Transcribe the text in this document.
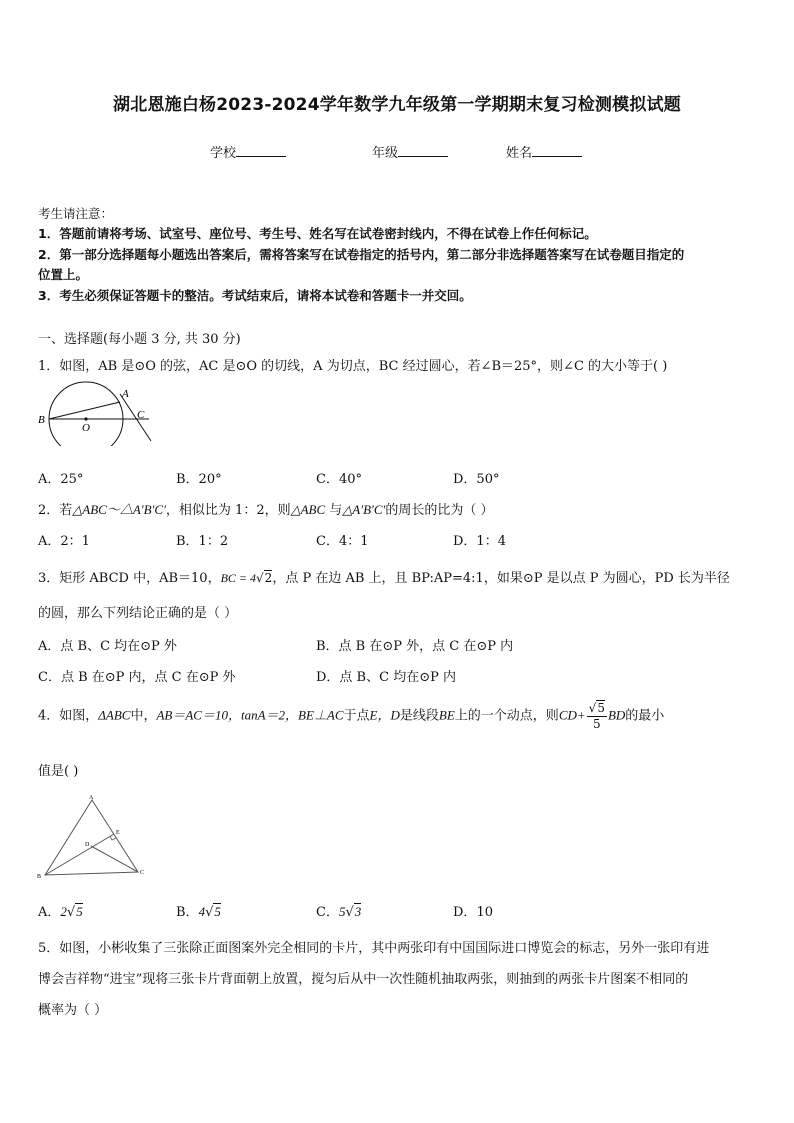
湖北恩施白杨2023-2024学年数学九年级第一学期期末复习检测模拟试题
学校	年级	姓名
考生请注意：
1．答题前请将考场、试室号、座位号、考生号、姓名写在试卷密封线内，不得在试卷上作任何标记。
2．第一部分选择题每小题选出答案后，需将答案写在试卷指定的括号内，第二部分非选择题答案写在试卷题目指定的
位置上。
3．考生必须保证答题卡的整洁。考试结束后，请将本试卷和答题卡一并交回。
一、选择题(每小题 3 分, 共 30 分)
1．如图，AB 是⊙O 的弦，AC 是⊙O 的切线，A 为切点，BC 经过圆心，若∠B＝25°，则∠C 的大小等于( )
B
A
C
O
A．25°	B．20°	C．40°	D．50°
2．若△ABC～△A′B′C′，相似比为 1：2，则△ABC 与△A′B′C′的周长的比为（ ）
A．2：1	B．1：2	C．4：1	D．1：4
3．矩形 ABCD 中，AB＝10，BC = 4√2，点 P 在边 AB 上，且 BP:AP=4:1，如果⊙P 是以点 P 为圆心，PD 长为半径
的圆，那么下列结论正确的是（ ）
A．点 B、C 均在⊙P 外	B．点 B 在⊙P 外，点 C 在⊙P 内
C．点 B 在⊙P 内，点 C 在⊙P 外	D．点 B、C 均在⊙P 内
4．如图，ΔABC中，AB＝AC＝10，tanA＝2，BE⊥AC于点E，D是线段BE上的一个动点，则$CD+ \frac{√5}{5}$ BD的最小
值是( )
A
B
C
D
E
A．2√5	B．4√5	C．5√3	D．10
5．如图，小彬收集了三张除正面图案外完全相同的卡片，其中两张印有中国国际进口博览会的标志，另外一张印有进
博会吉祥物“进宝”现将三张卡片背面朝上放置，搅匀后从中一次性随机抽取两张，则抽到的两张卡片图案不相同的
概率为（ ）
